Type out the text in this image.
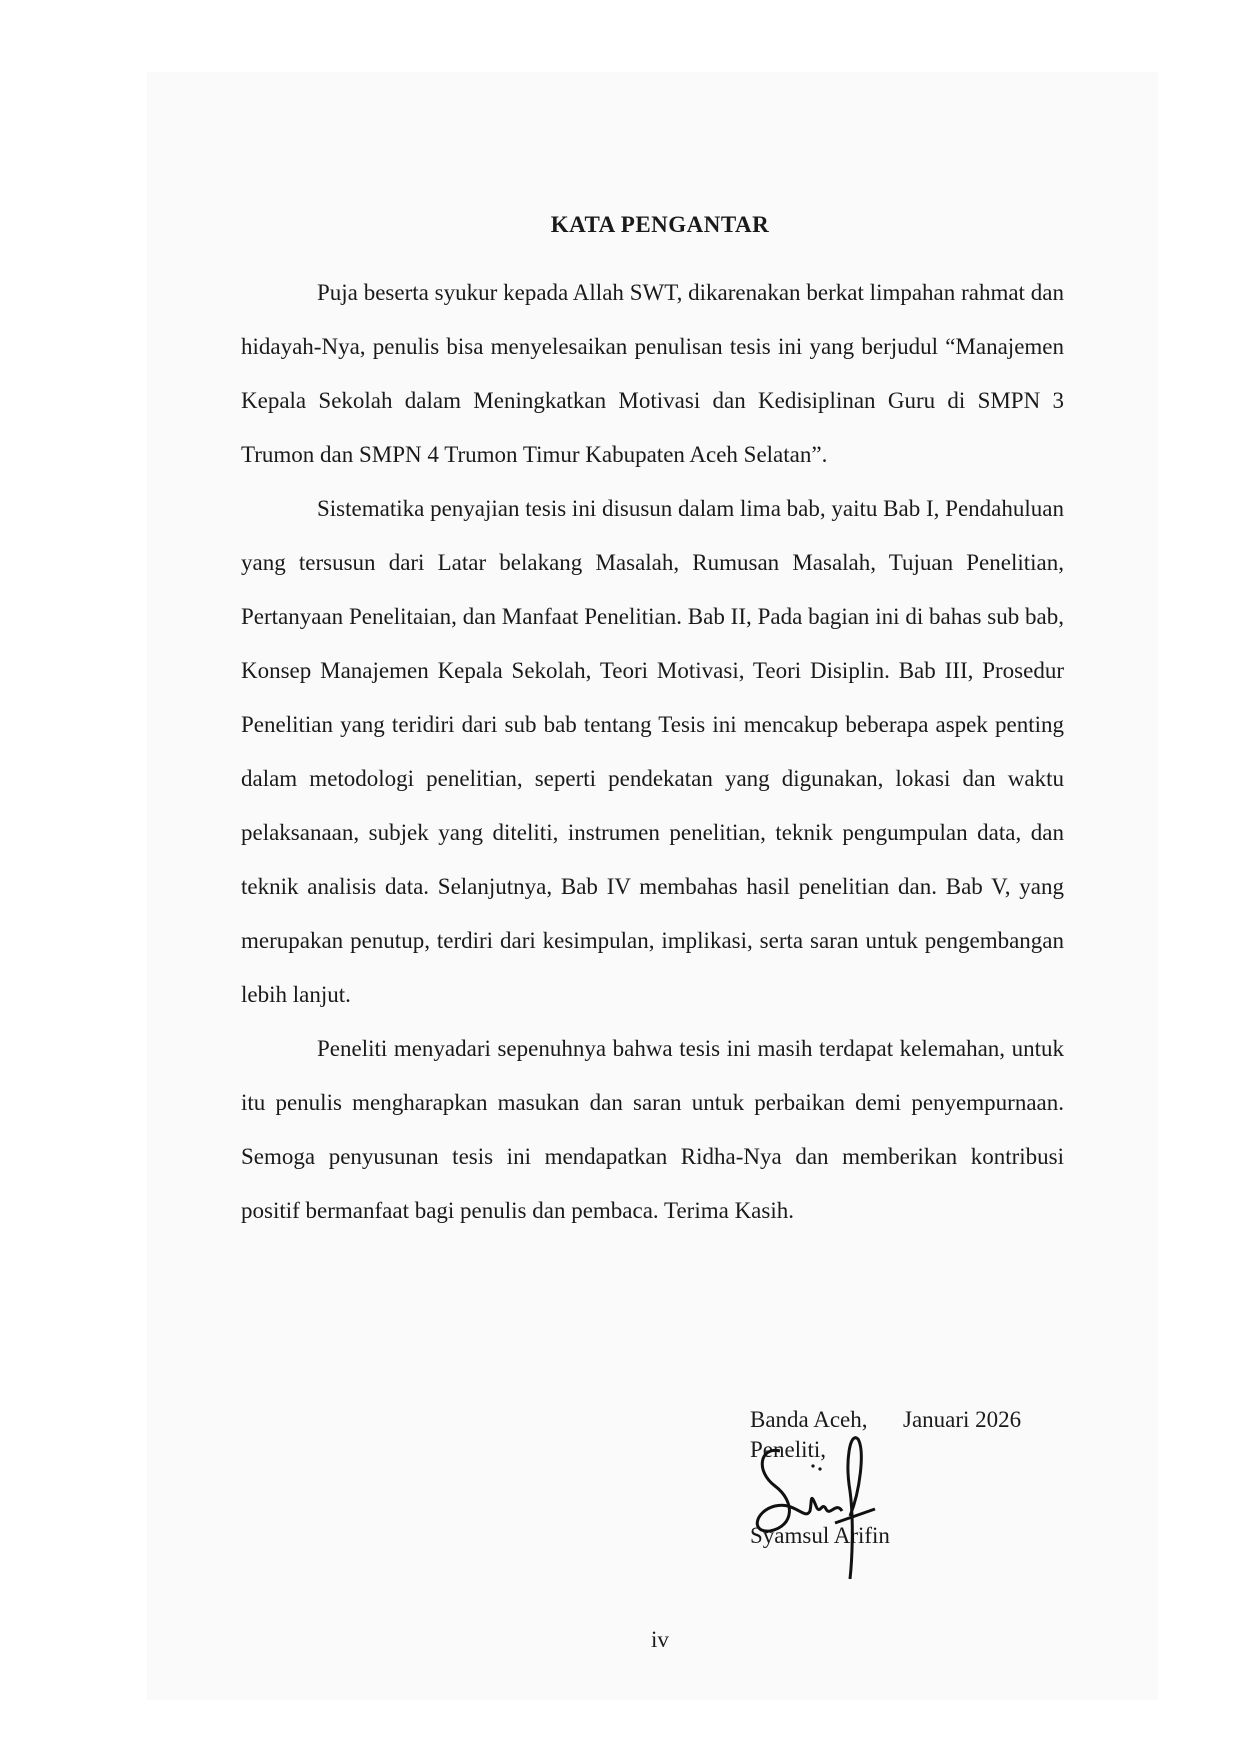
KATA PENGANTAR

Puja beserta syukur kepada Allah SWT, dikarenakan berkat limpahan rahmat dan hidayah-Nya, penulis bisa menyelesaikan penulisan tesis ini yang berjudul “Manajemen Kepala Sekolah dalam Meningkatkan Motivasi dan Kedisiplinan Guru di SMPN 3 Trumon dan SMPN 4 Trumon Timur Kabupaten Aceh Selatan”.

Sistematika penyajian tesis ini disusun dalam lima bab, yaitu Bab I, Pendahuluan yang tersusun dari Latar belakang Masalah, Rumusan Masalah, Tujuan Penelitian, Pertanyaan Penelitaian, dan Manfaat Penelitian. Bab II, Pada bagian ini di bahas sub bab, Konsep Manajemen Kepala Sekolah, Teori Motivasi, Teori Disiplin. Bab III, Prosedur Penelitian yang teridiri dari sub bab tentang Tesis ini mencakup beberapa aspek penting dalam metodologi penelitian, seperti pendekatan yang digunakan, lokasi dan waktu pelaksanaan, subjek yang diteliti, instrumen penelitian, teknik pengumpulan data, dan teknik analisis data. Selanjutnya, Bab IV membahas hasil penelitian dan. Bab V, yang merupakan penutup, terdiri dari kesimpulan, implikasi, serta saran untuk pengembangan lebih lanjut.

Peneliti menyadari sepenuhnya bahwa tesis ini masih terdapat kelemahan, untuk itu penulis mengharapkan masukan dan saran untuk perbaikan demi penyempurnaan. Semoga penyusunan tesis ini mendapatkan Ridha-Nya dan memberikan kontribusi positif bermanfaat bagi penulis dan pembaca. Terima Kasih.

Banda Aceh, Januari 2026
Peneliti,
Syamsul Arifin
iv
